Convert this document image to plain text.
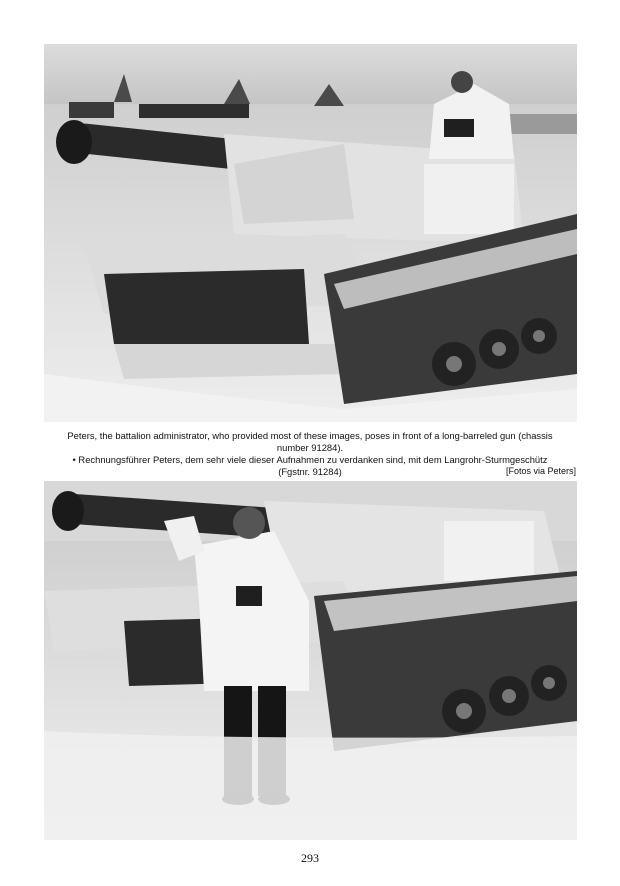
Peters, the battalion administrator, who provided most of these images, poses in front of a long-barreled gun (chassis number 91284).

• Rechnungsführer Peters, dem sehr viele dieser Aufnahmen zu verdanken sind, mit dem Langrohr-Sturmgeschütz (Fgstnr. 91284)	[Fotos via Peters]
293
